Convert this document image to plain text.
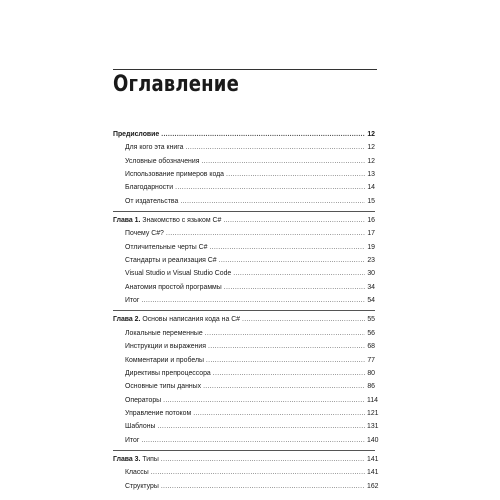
Оглавление
Предисловие .....	12
Для кого эта книга .....	12
Условные обозначения .....	12
Использование примеров кода .....	13
Благодарности .....	14
От издательства .....	15
Глава 1. Знакомство с языком C# .....	16
Почему C#? .....	17
Отличительные черты C# .....	19
Стандарты и реализация C# .....	23
Visual Studio и Visual Studio Code .....	30
Анатомия простой программы .....	34
Итог .....	54
Глава 2. Основы написания кода на C# .....	55
Локальные переменные .....	56
Инструкции и выражения .....	68
Комментарии и пробелы .....	77
Директивы препроцессора .....	80
Основные типы данных .....	86
Операторы .....	114
Управление потоком .....	121
Шаблоны .....	131
Итог .....	140
Глава 3. Типы .....	141
Классы .....	141
Структуры .....	162
